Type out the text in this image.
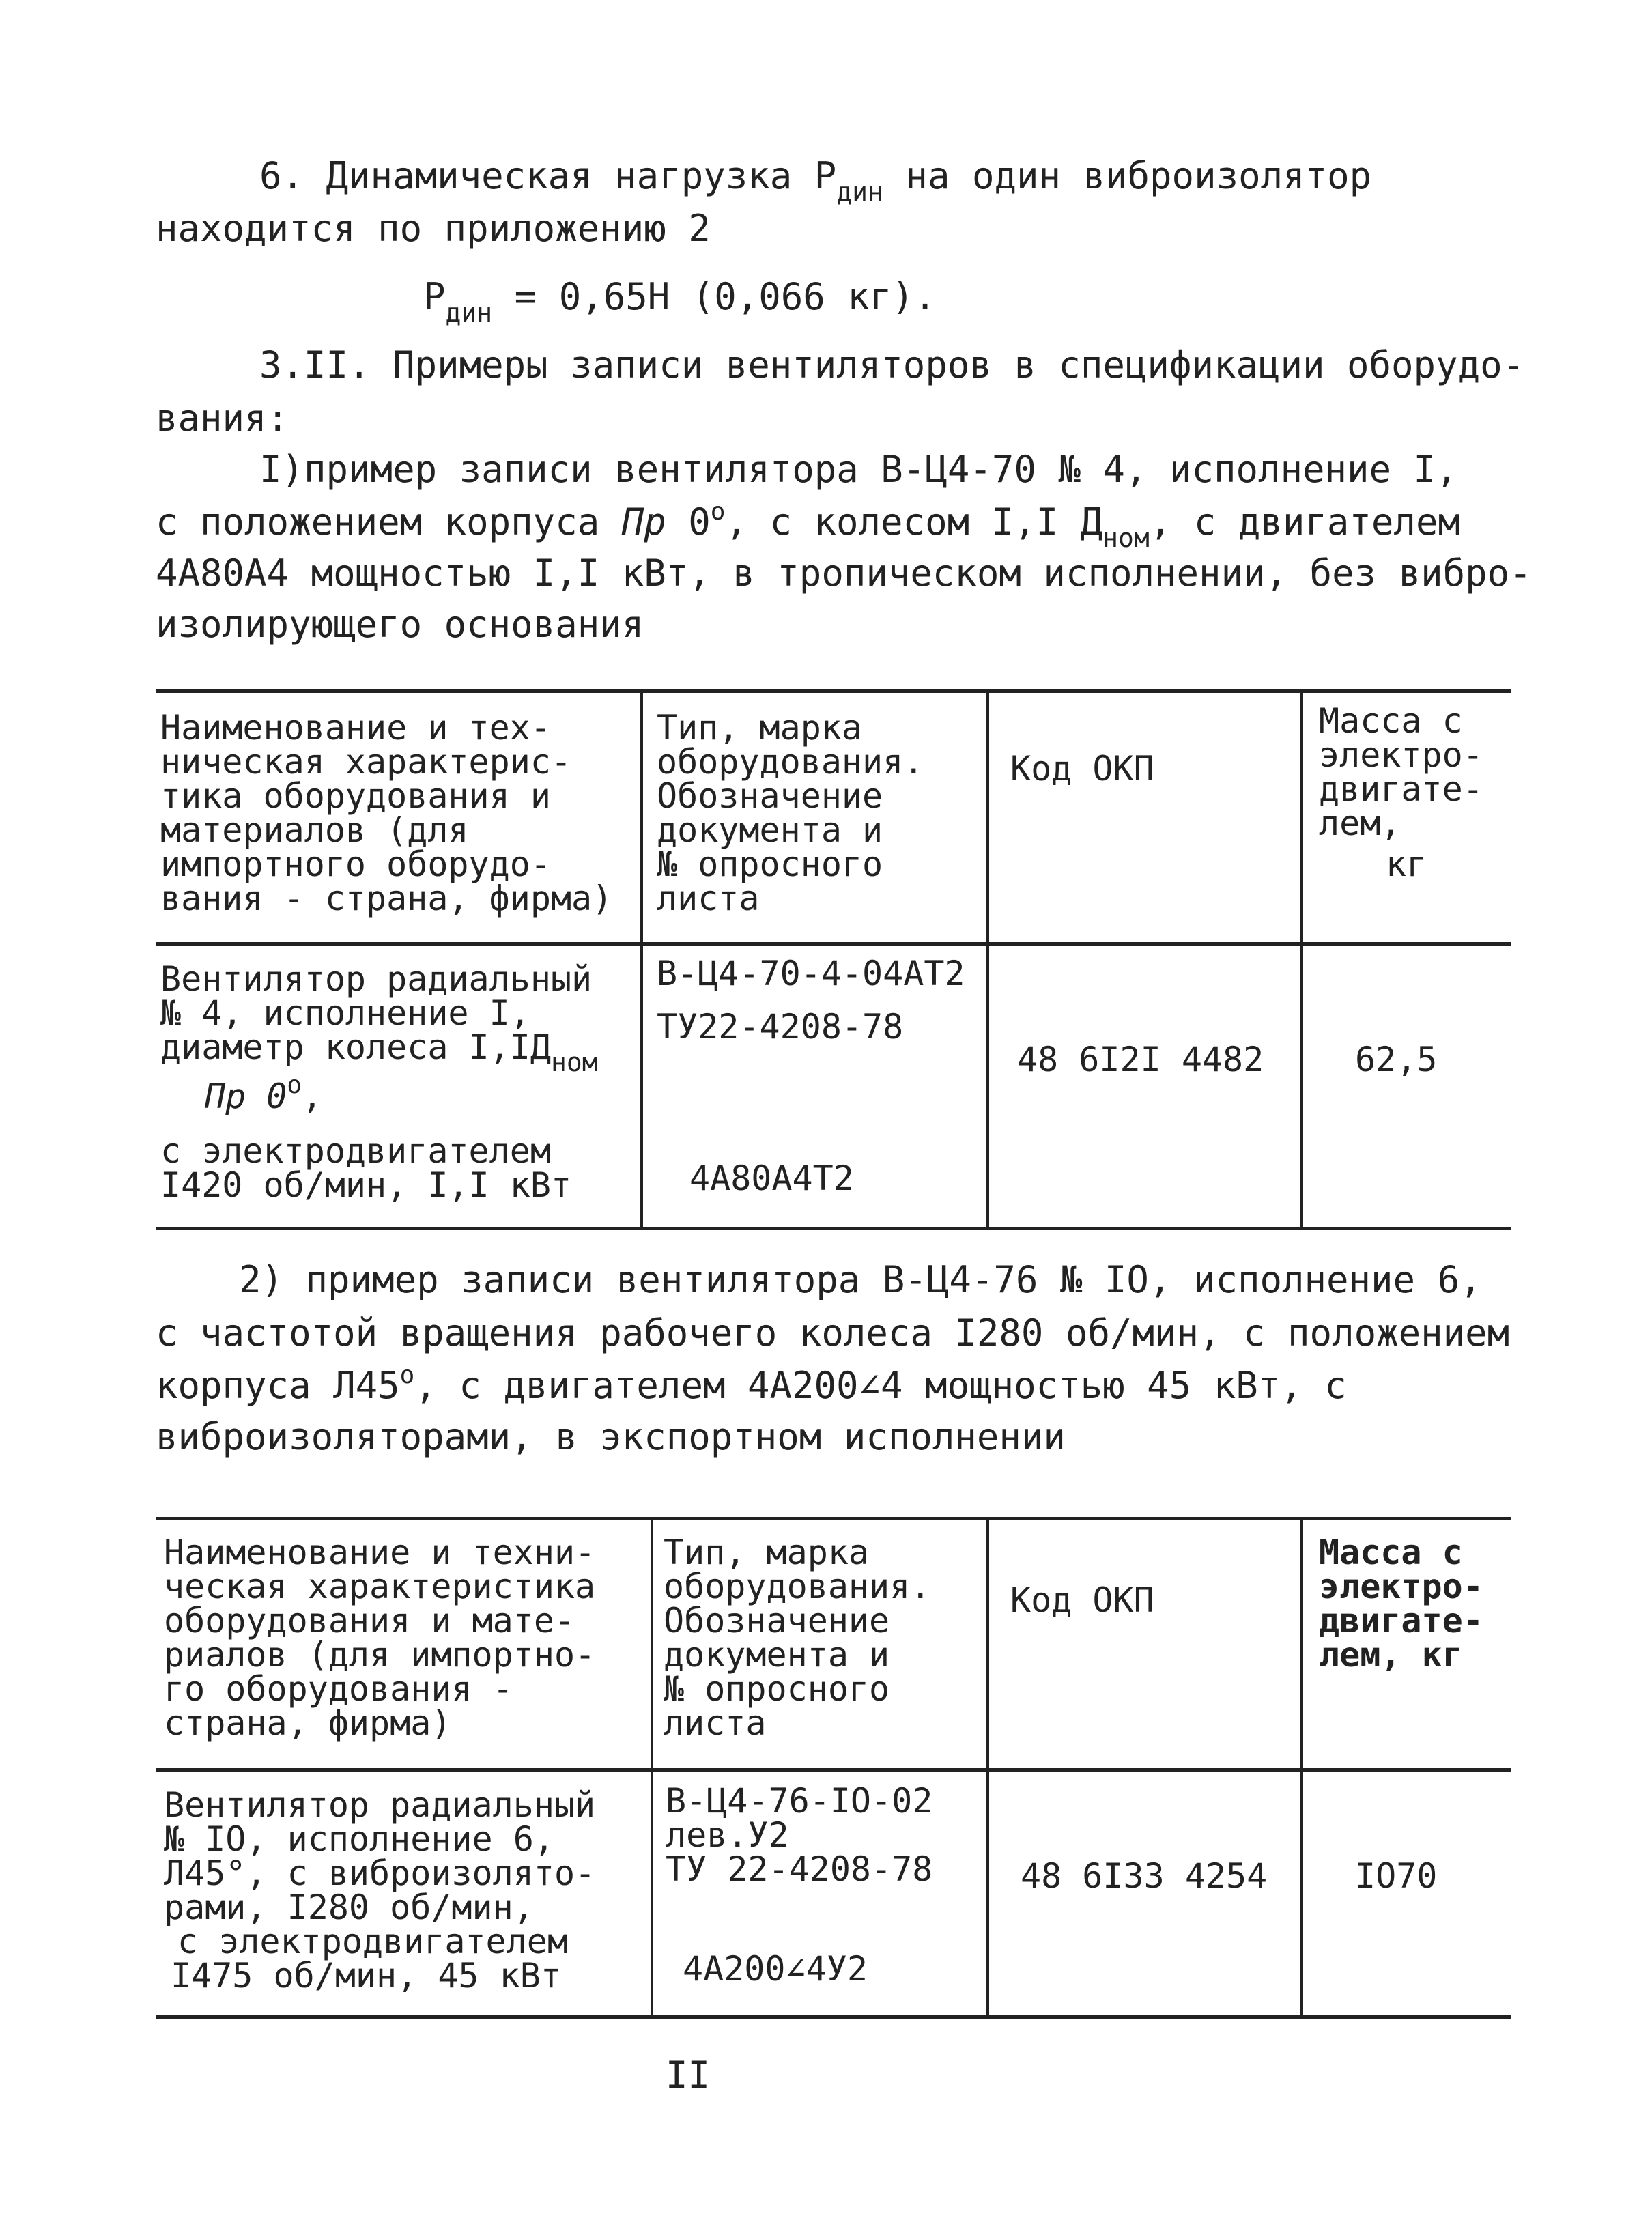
6. Динамическая нагрузка $P_{дин}$ на один виброизолятор
находится по приложению 2
$P_{дин} = 0,65Н$ (0,066 кг).
3.II. Примеры записи вентиляторов в спецификации оборудо-
вания:
I)пример записи вентилятора В-Ц4-70 № 4, исполнение I,
с положением корпуса Пр $0^о$, с колесом I,I $Д_{ном}$, с двигателем
4А80А4 мощностью I,I кВт, в тропическом исполнении, без вибро-
изолирующего основания
Наименование и тех-
ническая характерис-
тика оборудования и
материалов (для
импортного оборудо-
вания - страна, фирма)
Тип, марка
оборудования.
Обозначение
документа и
№ опросного
листа
Код ОКП
Масса с
электро-
двигате-
лем,
кг
Вентилятор радиальный
№ 4, исполнение I,
диаметр колеса $I,IД_{ном}$
Пр $0^о$,
с электродвигателем
I420 об/мин, I,I кВт
В-Ц4-70-4-04АТ2
ТУ22-4208-78
4А80А4Т2
48 6I2I 4482	62,5
2) пример записи вентилятора В-Ц4-76 № IO, исполнение 6,
с частотой вращения рабочего колеса I280 об/мин, с положением
корпуса $Л45^о$, с двигателем 4А200∠4 мощностью 45 кВт, с
виброизоляторами, в экспортном исполнении
Наименование и техни-
ческая характеристика
оборудования и мате-
риалов (для импортно-
го оборудования -
страна, фирма)
Тип, марка
оборудования.
Обозначение
документа и
№ опросного
листа
Код ОКП
Масса с
электро-
двигате-
лем, кг
Вентилятор радиальный
№ IO, исполнение 6,
Л45°, с виброизолято-
рами, I280 об/мин,
с электродвигателем
I475 об/мин, 45 кВт
В-Ц4-76-IO-02
лев.У2
ТУ 22-4208-78
4А200∠4У2
48 6I33 4254	IO70
II
